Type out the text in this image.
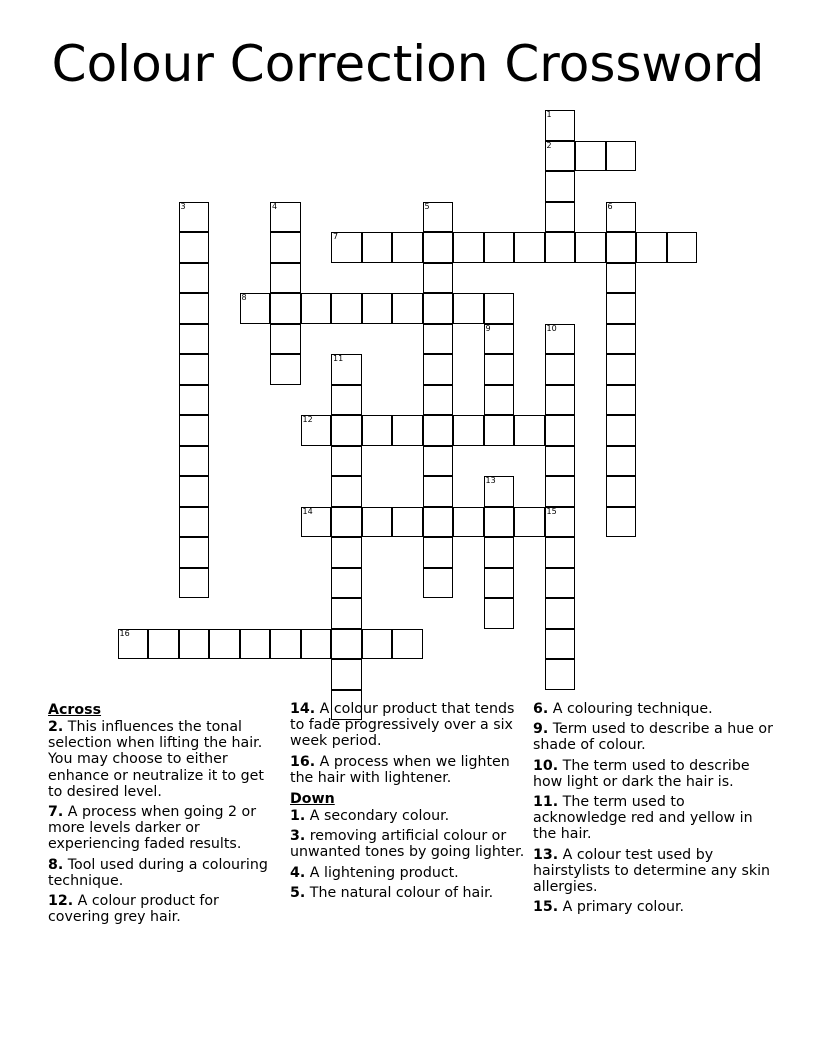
Colour Correction Crossword
1
2
3	4	5	6
7
8
9	10
11
12
13
14	15
16
Across

2. This influences the tonal selection when lifting the hair. You may choose to either enhance or neutralize it to get to desired level.

7. A process when going 2 or more levels darker or experiencing faded results.

8. Tool used during a colouring technique.

12. A colour product for covering grey hair.

14. A colour product that tends to fade progressively over a six week period.

16. A process when we lighten the hair with lightener.

Down

1. A secondary colour.

3. removing artificial colour or unwanted tones by going lighter.

4. A lightening product.

5. The natural colour of hair.

6. A colouring technique.

9. Term used to describe a hue or shade of colour.

10. The term used to describe how light or dark the hair is.

11. The term used to acknowledge red and yellow in the hair.

13. A colour test used by hairstylists to determine any skin allergies.

15. A primary colour.
